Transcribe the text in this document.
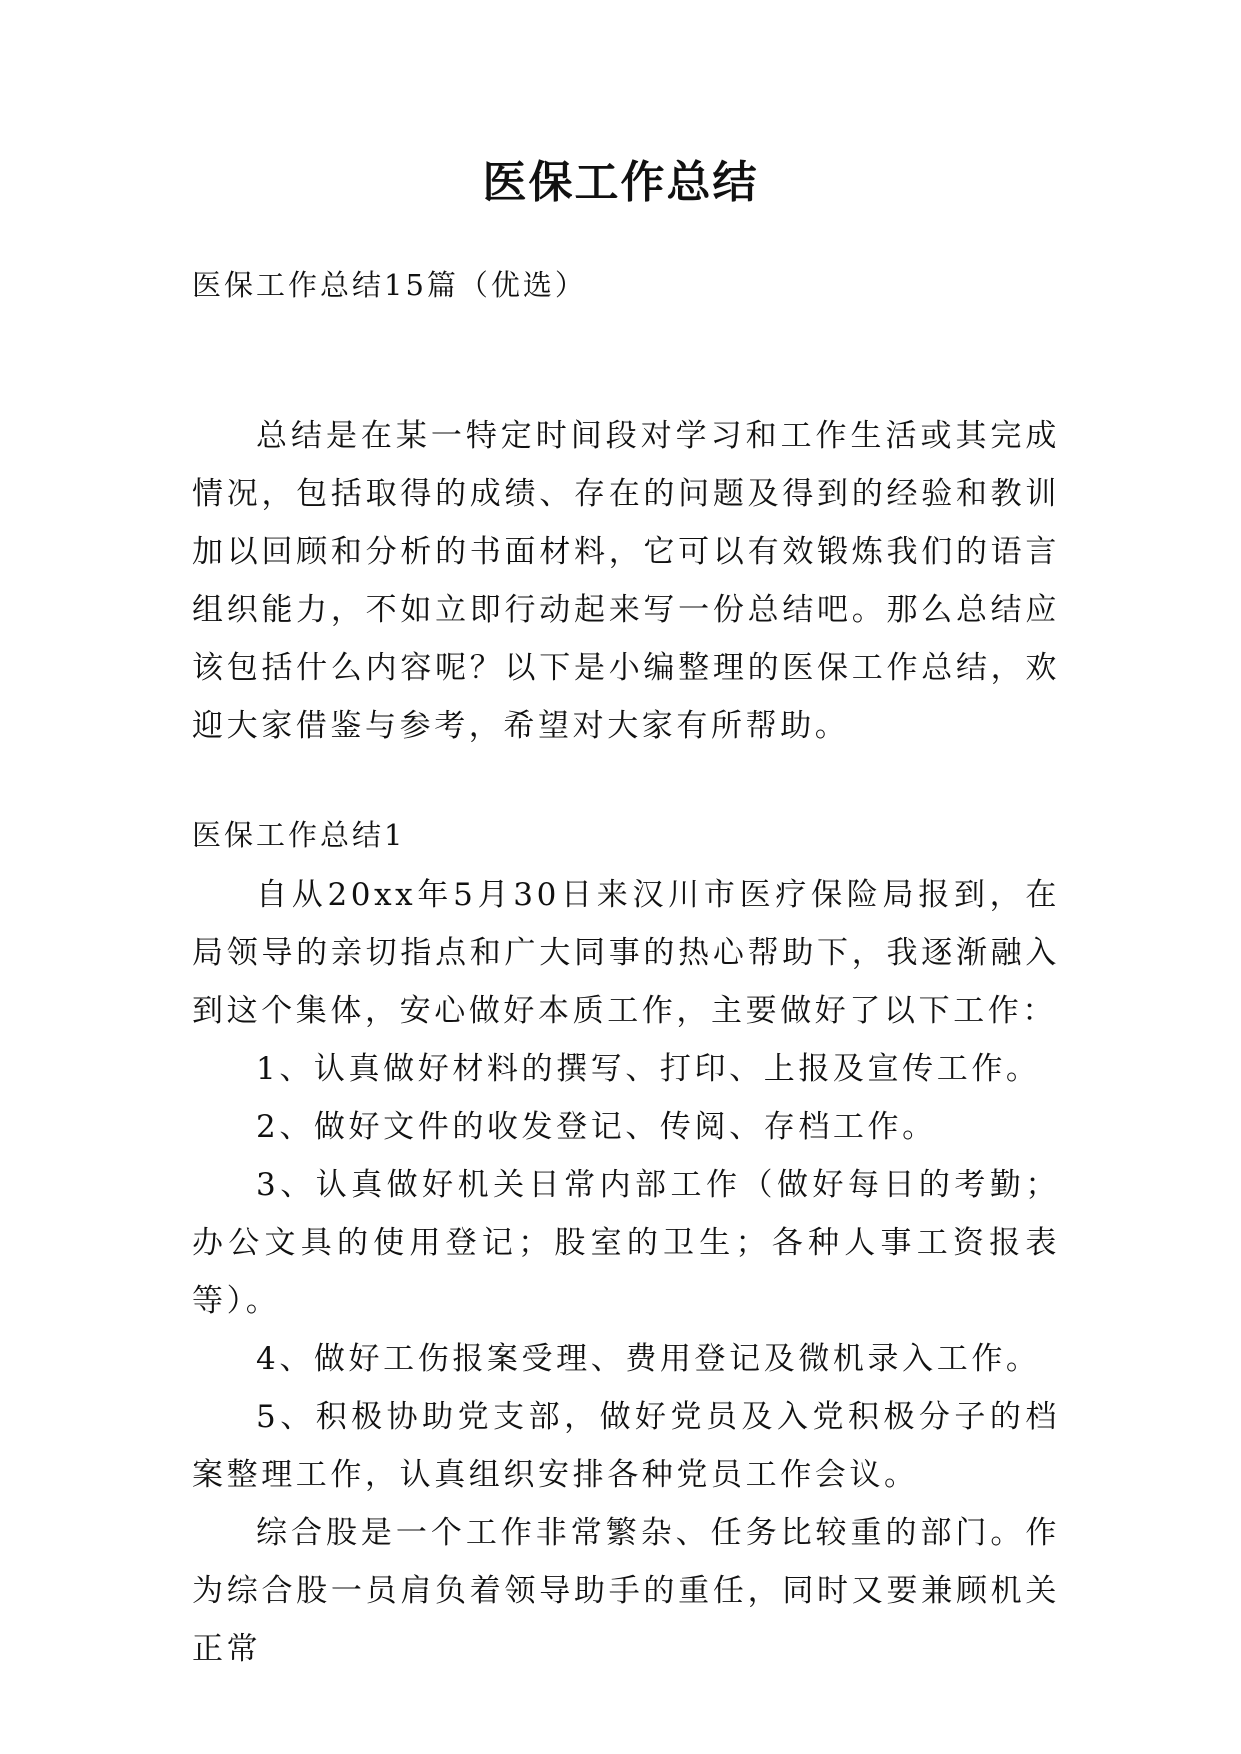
医保工作总结
医保工作总结15篇（优选）

总结是在某一特定时间段对学习和工作生活或其完成情况，包括取得的成绩、存在的问题及得到的经验和教训加以回顾和分析的书面材料，它可以有效锻炼我们的语言组织能力，不如立即行动起来写一份总结吧。那么总结应该包括什么内容呢？以下是小编整理的医保工作总结，欢迎大家借鉴与参考，希望对大家有所帮助。

医保工作总结1

自从20xx年5月30日来汉川市医疗保险局报到，在局领导的亲切指点和广大同事的热心帮助下，我逐渐融入到这个集体，安心做好本质工作，主要做好了以下工作：

1、认真做好材料的撰写、打印、上报及宣传工作。

2、做好文件的收发登记、传阅、存档工作。

3、认真做好机关日常内部工作（做好每日的考勤；办公文具的使用登记；股室的卫生；各种人事工资报表等）。

4、做好工伤报案受理、费用登记及微机录入工作。

5、积极协助党支部，做好党员及入党积极分子的档案整理工作，认真组织安排各种党员工作会议。

综合股是一个工作非常繁杂、任务比较重的部门。作为综合股一员肩负着领导助手的重任，同时又要兼顾机关正常
